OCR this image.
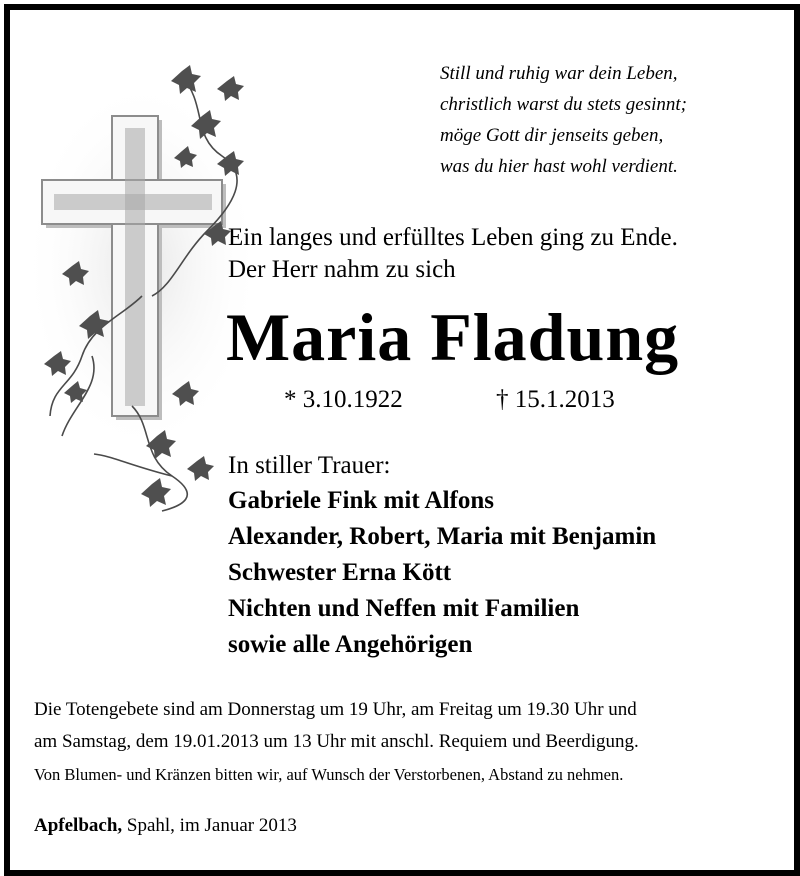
Still und ruhig war dein Leben,
christlich warst du stets gesinnt;
möge Gott dir jenseits geben,
was du hier hast wohl verdient.
Ein langes und erfülltes Leben ging zu Ende.
Der Herr nahm zu sich
Maria Fladung
* 3.10.1922	† 15.1.2013
In stiller Trauer:
Gabriele Fink mit Alfons
Alexander, Robert, Maria mit Benjamin
Schwester Erna Kött
Nichten und Neffen mit Familien
sowie alle Angehörigen
Die Totengebete sind am Donnerstag um 19 Uhr, am Freitag um 19.30 Uhr und
am Samstag, dem 19.01.2013 um 13 Uhr mit anschl. Requiem und Beerdigung.
Von Blumen- und Kränzen bitten wir, auf Wunsch der Verstorbenen, Abstand zu nehmen.
Apfelbach, Spahl, im Januar 2013
